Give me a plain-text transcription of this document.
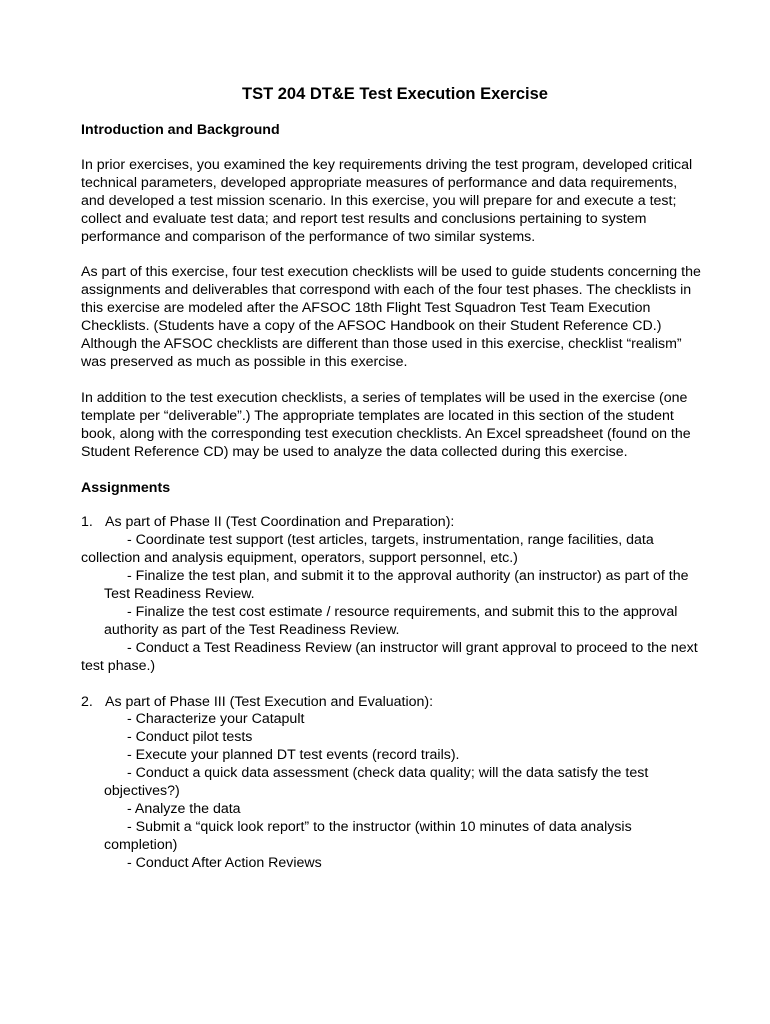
TST 204 DT&E Test Execution Exercise
Introduction and Background
In prior exercises, you examined the key requirements driving the test program, developed critical technical parameters, developed appropriate measures of performance and data requirements, and developed a test mission scenario. In this exercise, you will prepare for and execute a test; collect and evaluate test data; and report test results and conclusions pertaining to system performance and comparison of the performance of two similar systems.
As part of this exercise, four test execution checklists will be used to guide students concerning the assignments and deliverables that correspond with each of the four test phases. The checklists in this exercise are modeled after the AFSOC 18th Flight Test Squadron Test Team Execution Checklists. (Students have a copy of the AFSOC Handbook on their Student Reference CD.) Although the AFSOC checklists are different than those used in this exercise, checklist “realism” was preserved as much as possible in this exercise.
In addition to the test execution checklists, a series of templates will be used in the exercise (one template per “deliverable”.) The appropriate templates are located in this section of the student book, along with the corresponding test execution checklists. An Excel spreadsheet (found on the Student Reference CD) may be used to analyze the data collected during this exercise.
Assignments
1. As part of Phase II (Test Coordination and Preparation):
- Coordinate test support (test articles, targets, instrumentation, range facilities, data collection and analysis equipment, operators, support personnel, etc.)
- Finalize the test plan, and submit it to the approval authority (an instructor) as part of the Test Readiness Review.
- Finalize the test cost estimate / resource requirements, and submit this to the approval authority as part of the Test Readiness Review.
- Conduct a Test Readiness Review (an instructor will grant approval to proceed to the next test phase.)
2. As part of Phase III (Test Execution and Evaluation):
- Characterize your Catapult
- Conduct pilot tests
- Execute your planned DT test events (record trails).
- Conduct a quick data assessment (check data quality; will the data satisfy the test objectives?)
- Analyze the data
- Submit a “quick look report” to the instructor (within 10 minutes of data analysis completion)
- Conduct After Action Reviews
